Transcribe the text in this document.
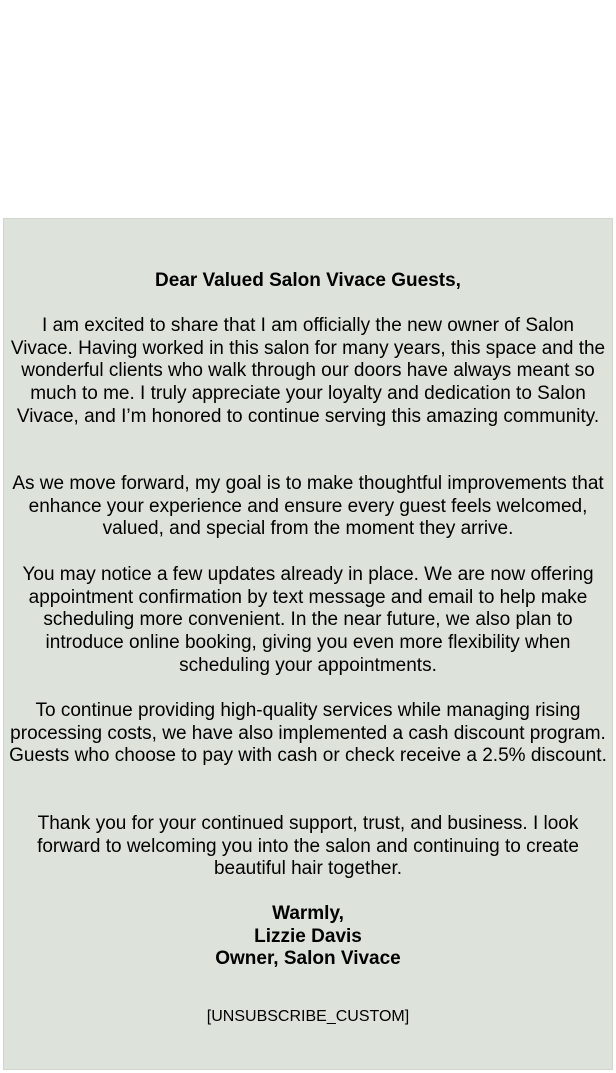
Dear Valued Salon Vivace Guests,

I am excited to share that I am officially the new owner of Salon Vivace. Having worked in this salon for many years, this space and the wonderful clients who walk through our doors have always meant so much to me. I truly appreciate your loyalty and dedication to Salon Vivace, and I’m honored to continue serving this amazing community.

As we move forward, my goal is to make thoughtful improvements that enhance your experience and ensure every guest feels welcomed, valued, and special from the moment they arrive.

You may notice a few updates already in place. We are now offering appointment confirmation by text message and email to help make scheduling more convenient. In the near future, we also plan to introduce online booking, giving you even more flexibility when scheduling your appointments.

To continue providing high-quality services while managing rising processing costs, we have also implemented a cash discount program. Guests who choose to pay with cash or check receive a 2.5% discount.

Thank you for your continued support, trust, and business. I look forward to welcoming you into the salon and continuing to create beautiful hair together.

Warmly,
Lizzie Davis
Owner, Salon Vivace

[UNSUBSCRIBE_CUSTOM]
